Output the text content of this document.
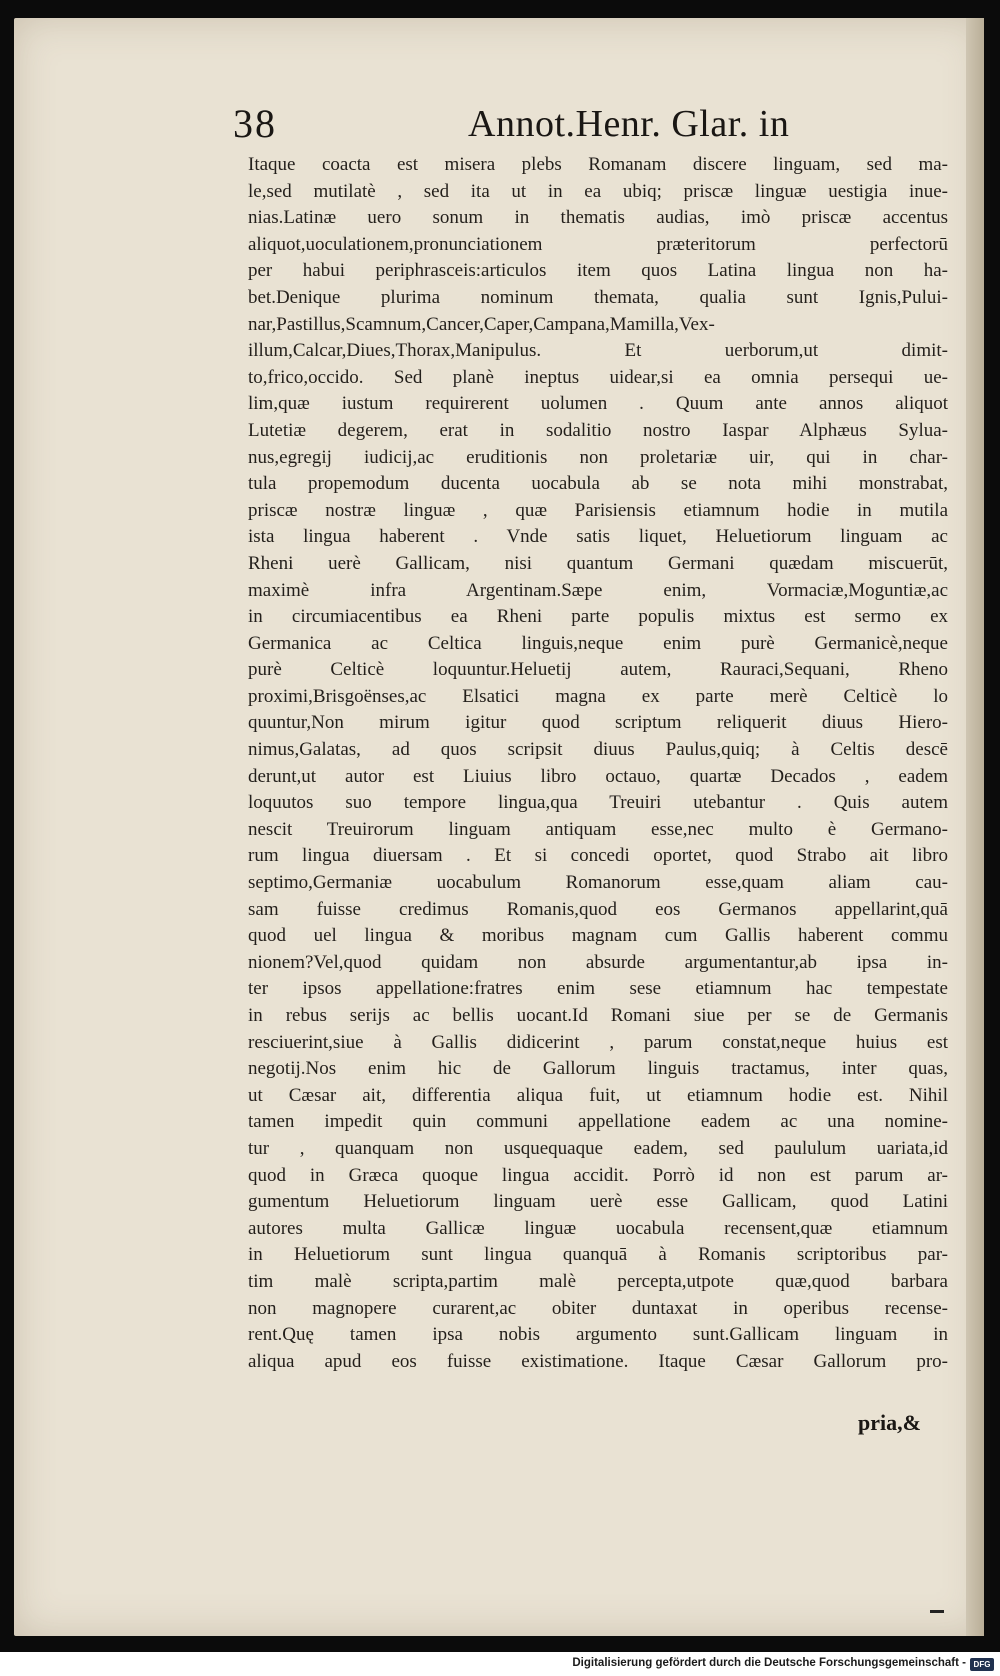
38	Annot.Henr. Glar. in
Itaque coacta est misera plebs Romanam discere linguam, sed ma-
le,sed mutilatè , sed ita ut in ea ubiq; priscæ linguæ uestigia inue-
nias.Latinæ uero sonum in thematis audias, imò priscæ accentus
aliquot,uoculationem,pronunciationem præteritorum perfectorū
per habui periphrasceis:articulos item quos Latina lingua non ha-
bet.Denique plurima nominum themata, qualia sunt Ignis,Pului-
nar,Pastillus,Scamnum,Cancer,Caper,Campana,Mamilla,Vex-
illum,Calcar,Diues,Thorax,Manipulus. Et uerborum,ut dimit-
to,frico,occido. Sed planè ineptus uidear,si ea omnia persequi ue-
lim,quæ iustum requirerent uolumen . Quum ante annos aliquot
Lutetiæ degerem, erat in sodalitio nostro Iaspar Alphæus Sylua-
nus,egregij iudicij,ac eruditionis non proletariæ uir, qui in char-
tula propemodum ducenta uocabula ab se nota mihi monstrabat,
priscæ nostræ linguæ , quæ Parisiensis etiamnum hodie in mutila
ista lingua haberent . Vnde satis liquet, Heluetiorum linguam ac
Rheni uerè Gallicam, nisi quantum Germani quædam miscuerūt,
maximè infra Argentinam.Sæpe enim, Vormaciæ,Moguntiæ,ac
in circumiacentibus ea Rheni parte populis mixtus est sermo ex
Germanica ac Celtica linguis,neque enim purè Germanicè,neque
purè Celticè loquuntur.Heluetij autem, Rauraci,Sequani, Rheno
proximi,Brisgoënses,ac Elsatici magna ex parte merè Celticè lo
quuntur,Non mirum igitur quod scriptum reliquerit diuus Hiero-
nimus,Galatas, ad quos scripsit diuus Paulus,quiq; à Celtis descē
derunt,ut autor est Liuius libro octauo, quartæ Decados , eadem
loquutos suo tempore lingua,qua Treuiri utebantur . Quis autem
nescit Treuirorum linguam antiquam esse,nec multo è Germano-
rum lingua diuersam . Et si concedi oportet, quod Strabo ait libro
septimo,Germaniæ uocabulum Romanorum esse,quam aliam cau-
sam fuisse credimus Romanis,quod eos Germanos appellarint,quā
quod uel lingua & moribus magnam cum Gallis haberent commu
nionem?Vel,quod quidam non absurde argumentantur,ab ipsa in-
ter ipsos appellatione:fratres enim sese etiamnum hac tempestate
in rebus serijs ac bellis uocant.Id Romani siue per se de Germanis
resciuerint,siue à Gallis didicerint , parum constat,neque huius est
negotij.Nos enim hic de Gallorum linguis tractamus, inter quas,
ut Cæsar ait, differentia aliqua fuit, ut etiamnum hodie est. Nihil
tamen impedit quin communi appellatione eadem ac una nomine-
tur , quanquam non usquequaque eadem, sed paululum uariata,id
quod in Græca quoque lingua accidit. Porrò id non est parum ar-
gumentum Heluetiorum linguam uerè esse Gallicam, quod Latini
autores multa Gallicæ linguæ uocabula recensent,quæ etiamnum
in Heluetiorum sunt lingua quanquā à Romanis scriptoribus par-
tim malè scripta,partim malè percepta,utpote quæ,quod barbara
non magnopere curarent,ac obiter duntaxat in operibus recense-
rent.Quę tamen ipsa nobis argumento sunt.Gallicam linguam in
aliqua apud eos fuisse existimatione. Itaque Cæsar Gallorum pro-
pria,&
Digitalisierung gefördert durch die Deutsche Forschungsgemeinschaft - DFG
